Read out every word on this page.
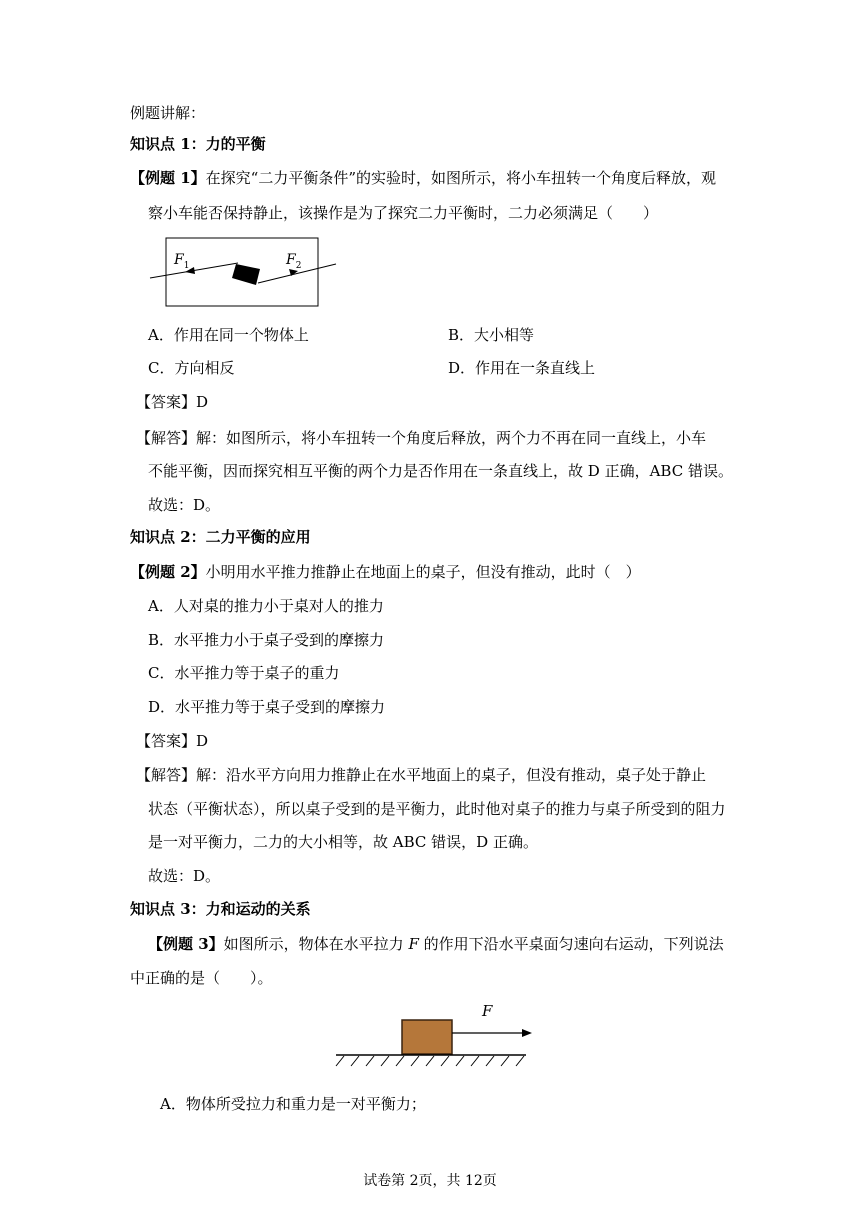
例题讲解：
知识点 1：力的平衡
【例题 1】在探究“二力平衡条件”的实验时，如图所示，将小车扭转一个角度后释放，观
察小车能否保持静止，该操作是为了探究二力平衡时，二力必须满足（　　）
$F_1$	$F_2$
A．作用在同一个物体上	B．大小相等
C．方向相反	D．作用在一条直线上
【答案】D
【解答】解：如图所示，将小车扭转一个角度后释放，两个力不再在同一直线上，小车
不能平衡，因而探究相互平衡的两个力是否作用在一条直线上，故 D 正确，ABC 错误。
故选：D。
知识点 2：二力平衡的应用
【例题 2】小明用水平推力推静止在地面上的桌子，但没有推动，此时（　）
A．人对桌的推力小于桌对人的推力
B．水平推力小于桌子受到的摩擦力
C．水平推力等于桌子的重力
D．水平推力等于桌子受到的摩擦力
【答案】D
【解答】解：沿水平方向用力推静止在水平地面上的桌子，但没有推动，桌子处于静止
状态（平衡状态），所以桌子受到的是平衡力，此时他对桌子的推力与桌子所受到的阻力
是一对平衡力，二力的大小相等，故 ABC 错误，D 正确。
故选：D。
知识点 3：力和运动的关系
【例题 3】如图所示，物体在水平拉力 F 的作用下沿水平桌面匀速向右运动，下列说法
中正确的是（　　）。
F
A．物体所受拉力和重力是一对平衡力；
试卷第 2页，共 12页
